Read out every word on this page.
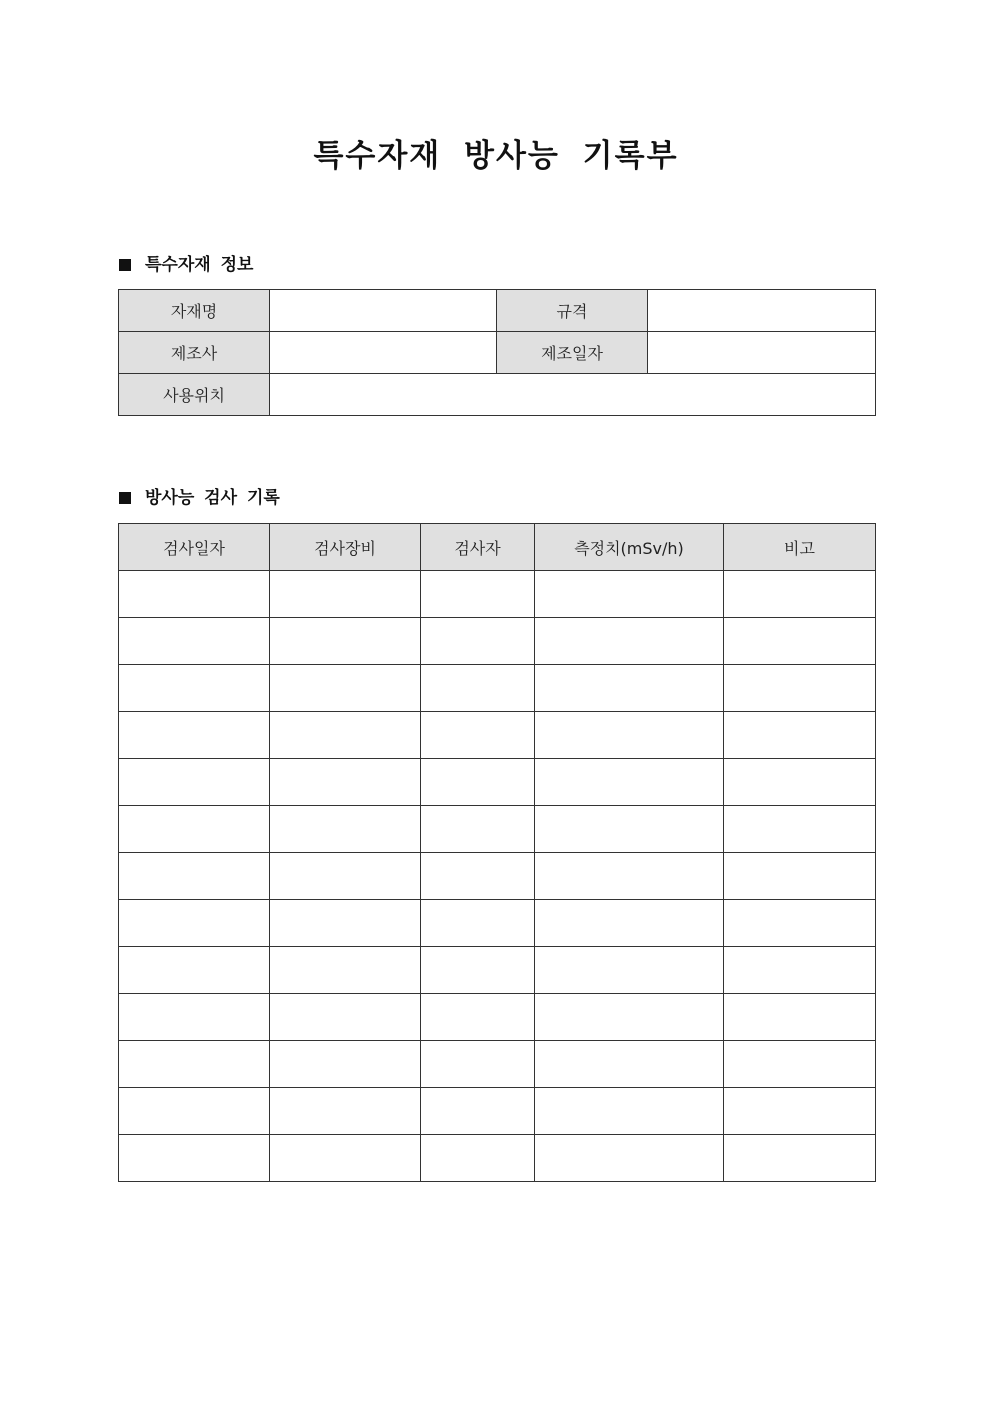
특수자재 방사능 기록부
특수자재 정보
자재명		규격	
제조사		제조일자	
사용위치			
방사능 검사 기록
검사일자	검사장비	검사자	측정치(mSv/h)	비고
